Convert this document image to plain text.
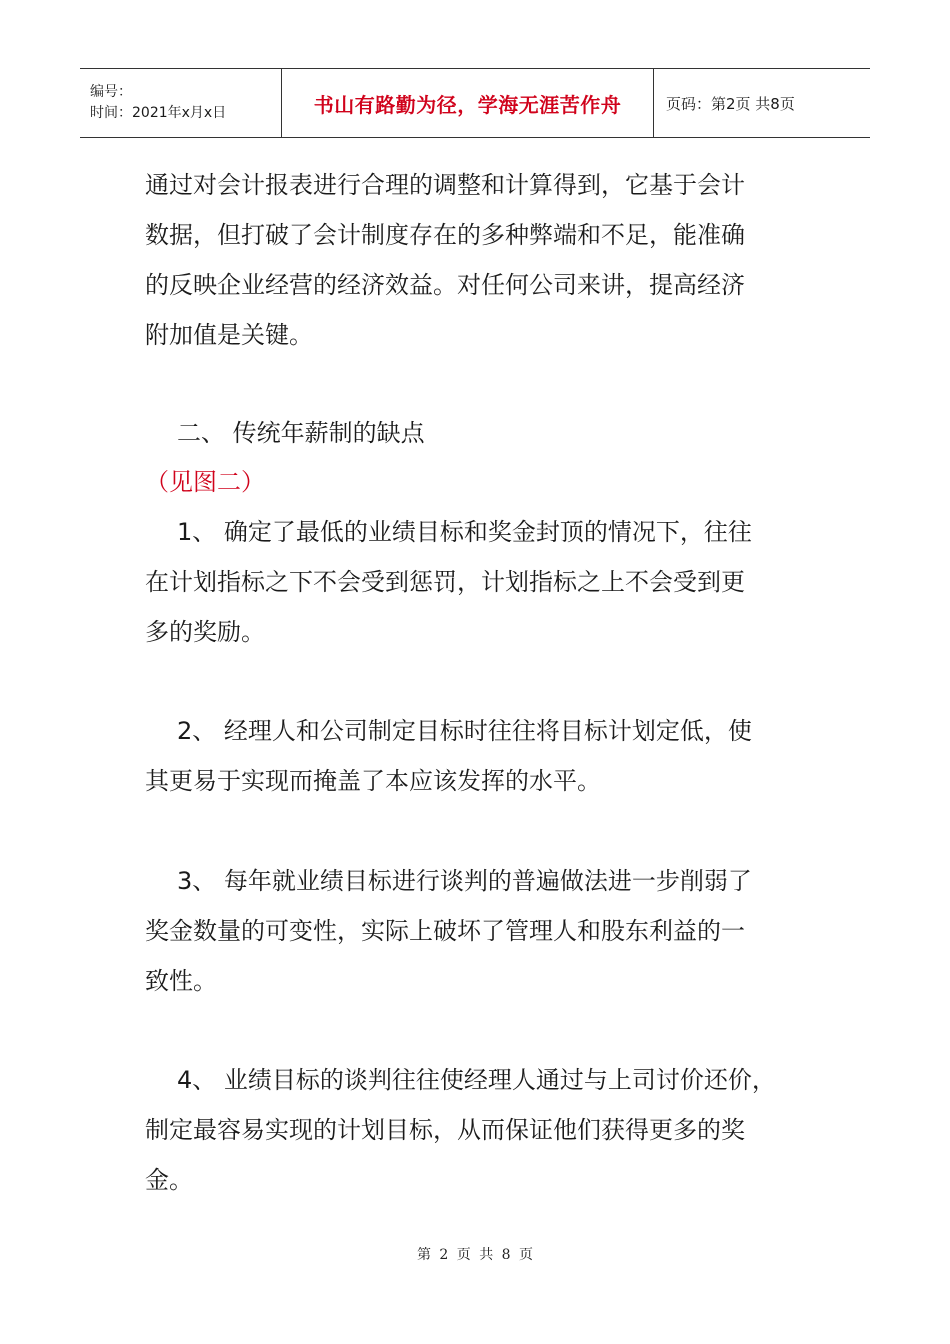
编号：
时间：2021年x月x日	书山有路勤为径，学海无涯苦作舟	页码：第2页 共8页
通过对会计报表进行合理的调整和计算得到，它基于会计
数据，但打破了会计制度存在的多种弊端和不足，能准确
的反映企业经营的经济效益。对任何公司来讲，提高经济
附加值是关键。
二、 传统年薪制的缺点
（见图二）
1、 确定了最低的业绩目标和奖金封顶的情况下，往往
在计划指标之下不会受到惩罚，计划指标之上不会受到更
多的奖励。
2、 经理人和公司制定目标时往往将目标计划定低，使
其更易于实现而掩盖了本应该发挥的水平。
3、 每年就业绩目标进行谈判的普遍做法进一步削弱了
奖金数量的可变性，实际上破坏了管理人和股东利益的一
致性。
4、 业绩目标的谈判往往使经理人通过与上司讨价还价，
制定最容易实现的计划目标，从而保证他们获得更多的奖
金。
第 2 页 共 8 页
